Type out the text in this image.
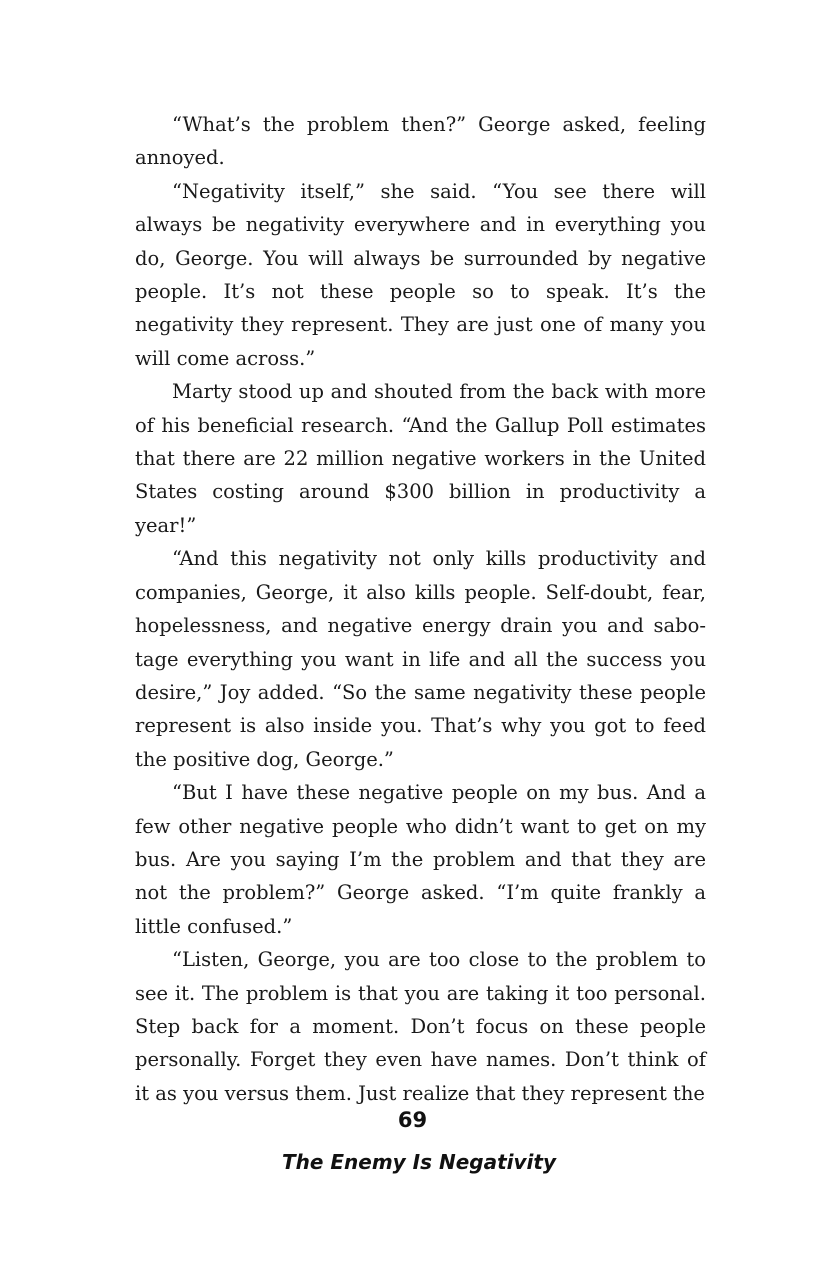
“What’s the problem then?” George asked, feeling annoyed.

“Negativity itself,” she said. “You see there will always be negativity everywhere and in everything you do, George. You will always be surrounded by negative people. It’s not these people so to speak. It’s the negativity they represent. They are just one of many you will come across.”

Marty stood up and shouted from the back with more of his beneficial research. “And the Gallup Poll estimates that there are 22 million negative workers in the United States costing around $300 billion in productivity a year!”

“And this negativity not only kills productivity and companies, George, it also kills people. Self-doubt, fear, hopelessness, and negative energy drain you and sabotage everything you want in life and all the success you desire,” Joy added. “So the same negativity these people represent is also inside you. That’s why you got to feed the positive dog, George.”

“But I have these negative people on my bus. And a few other negative people who didn’t want to get on my bus. Are you saying I’m the problem and that they are not the problem?” George asked. “I’m quite frankly a little confused.”

“Listen, George, you are too close to the problem to see it. The problem is that you are taking it too personal. Step back for a moment. Don’t focus on these people personally. Forget they even have names. Don’t think of it as you versus them. Just realize that they represent the

69
The Enemy Is Negativity
